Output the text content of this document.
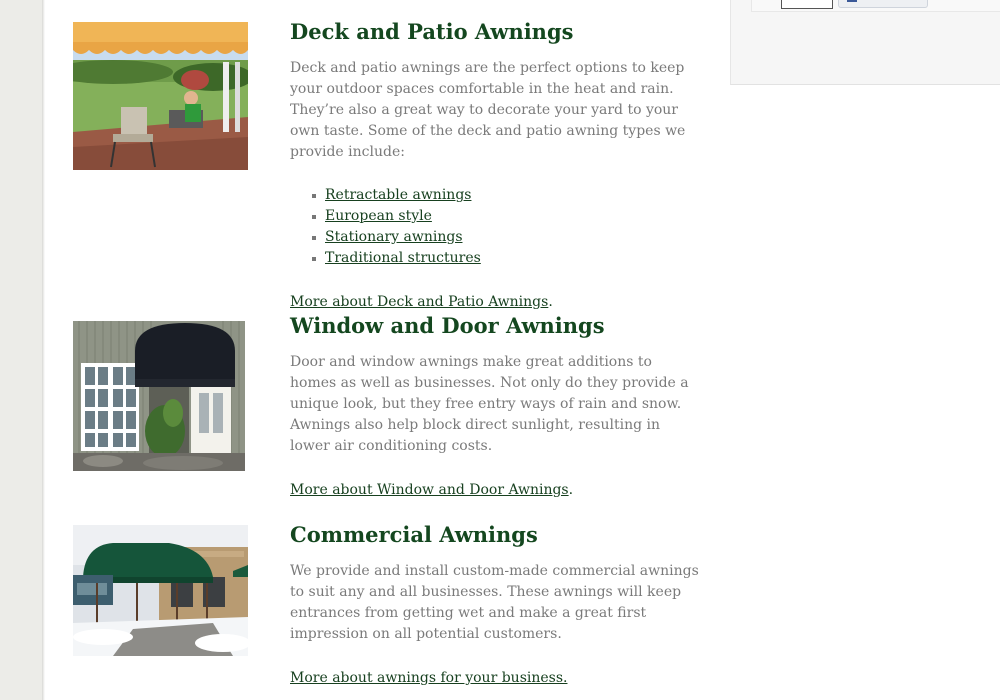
Deck and Patio Awnings

Deck and patio awnings are the perfect options to keep your outdoor spaces comfortable in the heat and rain. They’re also a great way to decorate your yard to your own taste. Some of the deck and patio awning types we provide include:

Retractable awnings
European style
Stationary awnings
Traditional structures
More about Deck and Patio Awnings.
Window and Door Awnings

Door and window awnings make great additions to homes as well as businesses. Not only do they provide a unique look, but they free entry ways of rain and snow. Awnings also help block direct sunlight, resulting in lower air conditioning costs.

More about Window and Door Awnings.
Commercial Awnings

We provide and install custom-made commercial awnings to suit any and all businesses. These awnings will keep entrances from getting wet and make a great first impression on all potential customers.

More about awnings for your business.
